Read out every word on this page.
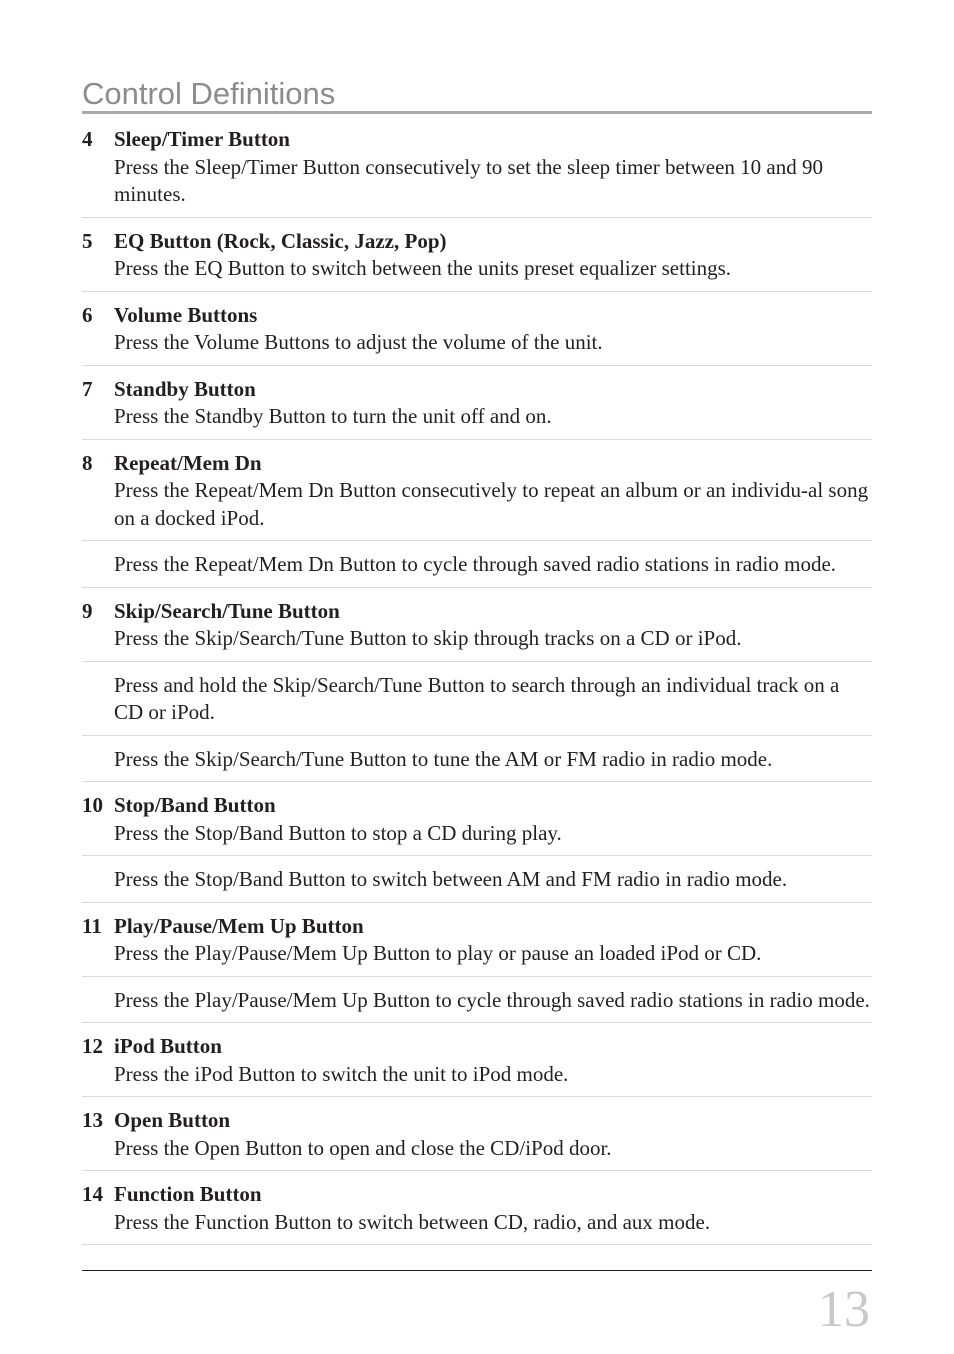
Control Definitions
4	Sleep/Timer Button
Press the Sleep/Timer Button consecutively to set the sleep timer between 10 and 90 minutes.
5	EQ Button (Rock, Classic, Jazz, Pop)
Press the EQ Button to switch between the units preset equalizer settings.
6	Volume Buttons
Press the Volume Buttons to adjust the volume of the unit.
7	Standby Button
Press the Standby Button to turn the unit off and on.
8	Repeat/Mem Dn
Press the Repeat/Mem Dn Button consecutively to repeat an album or an individu-al song on a docked iPod.
Press the Repeat/Mem Dn Button to cycle through saved radio stations in radio mode.
9	Skip/Search/Tune Button
Press the Skip/Search/Tune Button to skip through tracks on a CD or iPod.
Press and hold the Skip/Search/Tune Button to search through an individual track on a CD or iPod.
Press the Skip/Search/Tune Button to tune the AM or FM radio in radio mode.
10 Stop/Band Button
Press the Stop/Band Button to stop a CD during play.
Press the Stop/Band Button to switch between AM and FM radio in radio mode.
11 Play/Pause/Mem Up Button
Press the Play/Pause/Mem Up Button to play or pause an loaded iPod or CD.
Press the Play/Pause/Mem Up Button to cycle through saved radio stations in radio mode.
12 iPod Button
Press the iPod Button to switch the unit to iPod mode.
13 Open Button
Press the Open Button to open and close the CD/iPod door.
14 Function Button
Press the Function Button to switch between CD, radio, and aux mode.
13
